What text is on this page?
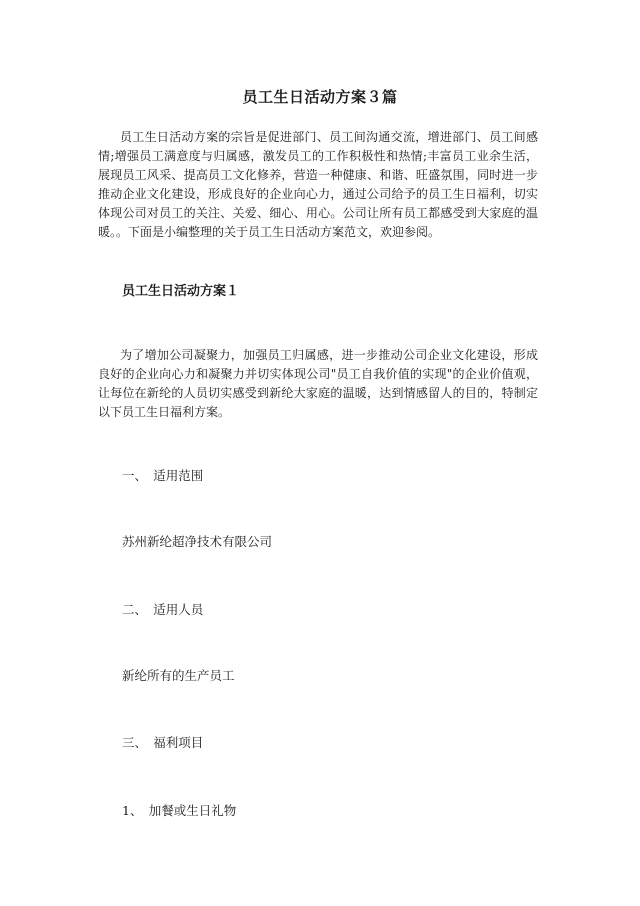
员工生日活动方案３篇
员工生日活动方案的宗旨是促进部门、员工间沟通交流，增进部门、员工间感情;增强员工满意度与归属感，激发员工的工作积极性和热情;丰富员工业余生活，展现员工风采、提高员工文化修养，营造一种健康、和谐、旺盛氛围，同时进一步推动企业文化建设，形成良好的企业向心力，通过公司给予的员工生日福利，切实体现公司对员工的关注、关爱、细心、用心。公司让所有员工都感受到大家庭的温暖。。下面是小编整理的关于员工生日活动方案范文，欢迎参阅。
员工生日活动方案１
为了增加公司凝聚力，加强员工归属感，进一步推动公司企业文化建设，形成良好的企业向心力和凝聚力并切实体现公司"员工自我价值的实现"的企业价值观，让每位在新纶的人员切实感受到新纶大家庭的温暖，达到情感留人的目的，特制定以下员工生日福利方案。
一、　适用范围
苏州新纶超净技术有限公司
二、　适用人员
新纶所有的生产员工
三、　福利项目
1、　加餐或生日礼物
